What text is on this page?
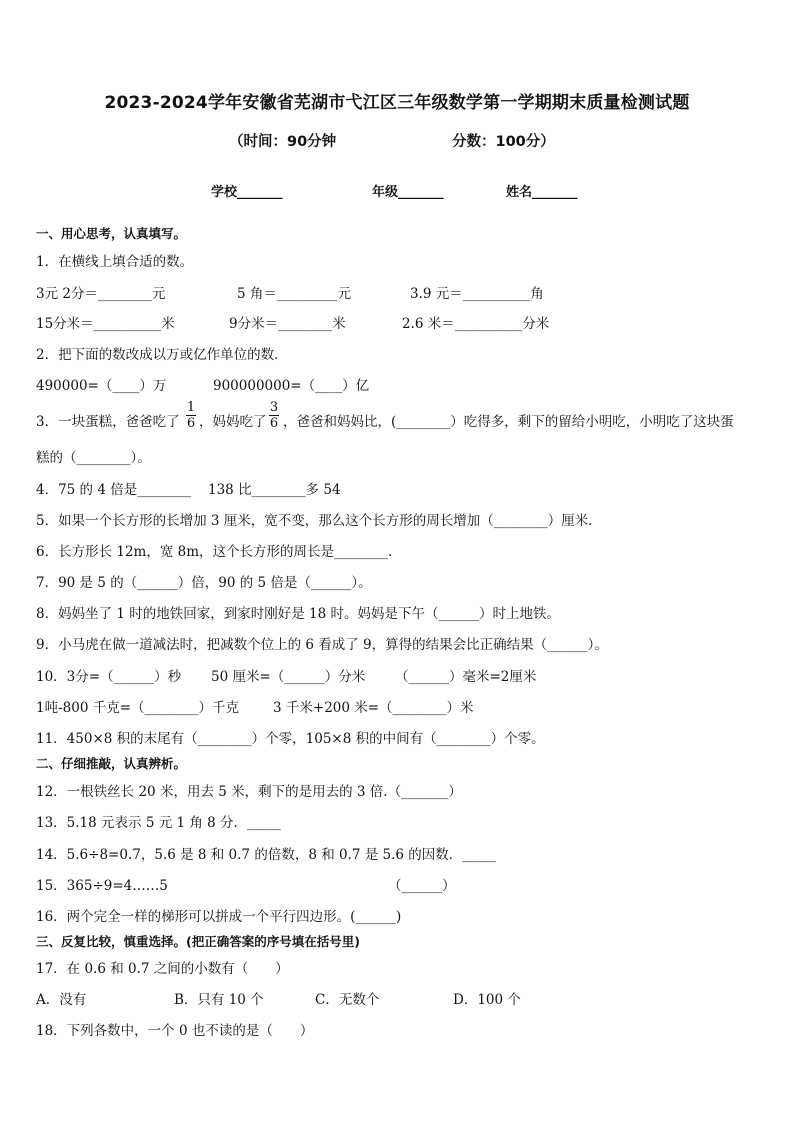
2023-2024学年安徽省芜湖市弋江区三年级数学第一学期期末质量检测试题
（时间：90分钟	分数：100分）
学校_______	年级_______	姓名_______
一、用心思考，认真填写。
1．在横线上填合适的数。
3元 2分＝________元	5 角＝_________元	3.9 元＝__________角
15分米＝__________米	9分米＝________米	2.6 米＝__________分米
2．把下面的数改成以万或亿作单位的数．
490000=（____）万	900000000=（____）亿
3．一块蛋糕，爸爸吃了
1
6 ，妈妈吃了
3
6 ，爸爸和妈妈比，(________）吃得多，剩下的留给小明吃，小明吃了这块蛋
糕的（________）。
4．75 的 4 倍是________ 138 比________多 54
5．如果一个长方形的长增加 3 厘米，宽不变，那么这个长方形的周长增加（________）厘米．
6．长方形长 12m，宽 8m，这个长方形的周长是________．
7．90 是 5 的（______）倍，90 的 5 倍是（______）。
8．妈妈坐了 1 时的地铁回家，到家时刚好是 18 时。妈妈是下午（______）时上地铁。
9．小马虎在做一道减法时，把减数个位上的 6 看成了 9，算得的结果会比正确结果（______）。
10．3分=（______）秒 50 厘米=（______）分米 （______）毫米=2厘米
1吨-800 千克=（________）千克	3 千米+200 米=（________）米
11．450×8 积的末尾有（________）个零，105×8 积的中间有（________）个零。
二、仔细推敲，认真辨析。
12．一根铁丝长 20 米，用去 5 米，剩下的是用去的 3 倍.（_______）
13．5.18 元表示 5 元 1 角 8 分．_____
14．5.6÷8=0.7，5.6 是 8 和 0.7 的倍数，8 和 0.7 是 5.6 的因数．_____
15．365÷9=4……5	（______）
16．两个完全一样的梯形可以拼成一个平行四边形。(______)
三、反复比较，慎重选择。(把正确答案的序号填在括号里)
17．在 0.6 和 0.7 之间的小数有（　　）
A．没有	B．只有 10 个	C．无数个	D．100 个
18．下列各数中，一个 0 也不读的是（　　）
